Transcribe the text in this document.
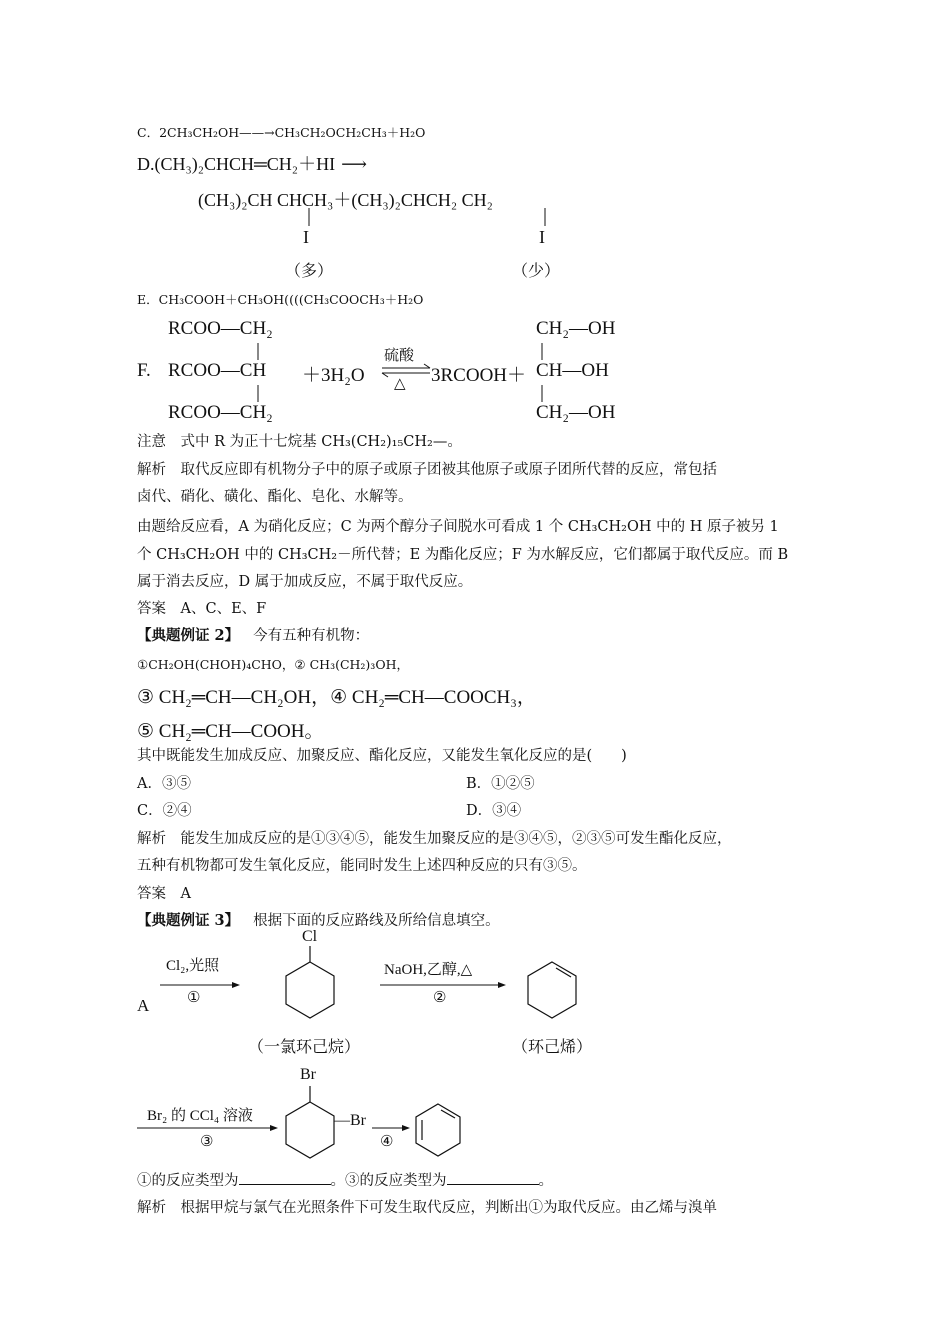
C．2CH₃CH₂OH——→CH₃CH₂OCH₂CH₃＋H₂O
D.(CH₃)₂CHCH═CH₂＋HI ⟶
(CH₃)₂CH CHCH₃＋(CH₃)₂CHCH₂ CH₂
I	I
（多）	（少）
E．CH₃COOH＋CH₃OH((((CH₃COOCH₃＋H₂O
RCOO—CH₂
F. RCOO—CH
RCOO—CH₂
＋3H₂O
硫酸
△ 3RCOOH＋
CH₂—OH
CH—OH
CH₂—OH
注意　式中 R 为正十七烷基 CH₃(CH₂)₁₅CH₂—。
解析　取代反应即有机物分子中的原子或原子团被其他原子或原子团所代替的反应，常包括
卤代、硝化、磺化、酯化、皂化、水解等。
由题给反应看，A 为硝化反应；C 为两个醇分子间脱水可看成 1 个 CH₃CH₂OH 中的 H 原子被另 1
个 CH₃CH₂OH 中的 CH₃CH₂－所代替；E 为酯化反应；F 为水解反应，它们都属于取代反应。而 B
属于消去反应，D 属于加成反应，不属于取代反应。
答案　A、C、E、F
【典题例证 2】 今有五种有机物：
①CH₂OH(CHOH)₄CHO，② CH₃(CH₂)₃OH，
③ CH₂═CH—CH₂OH，④ CH₂═CH—COOCH₃，
⑤ CH₂═CH—COOH。
其中既能发生加成反应、加聚反应、酯化反应，又能发生氧化反应的是(　　)
A．③⑤	B．①②⑤
C．②④	D．③④
解析　能发生加成反应的是①③④⑤，能发生加聚反应的是③④⑤，②③⑤可发生酯化反应，
五种有机物都可发生氧化反应，能同时发生上述四种反应的只有③⑤。
答案　A
【典题例证 3】 根据下面的反应路线及所给信息填空。
A
Cl₂,光照
①
Cl
（一氯环己烷）
NaOH,乙醇,△
②
（环己烯）
Br₂ 的 CCl₄ 溶液
③
Br
—Br
④
①的反应类型为	。③的反应类型为	。
解析　根据甲烷与氯气在光照条件下可发生取代反应，判断出①为取代反应。由乙烯与溴单
